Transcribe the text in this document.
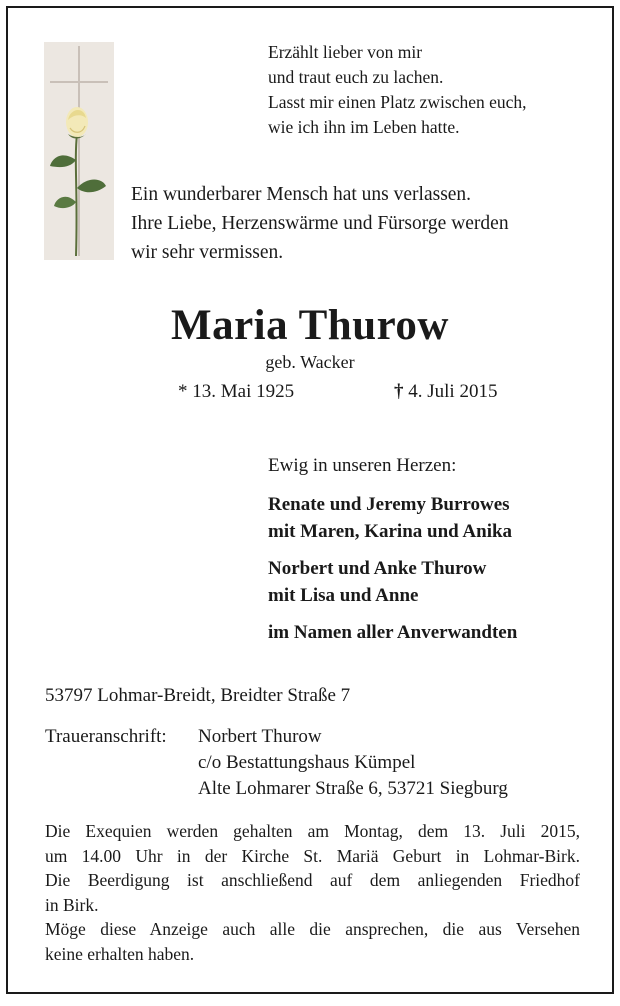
Erzählt lieber von mir
und traut euch zu lachen.
Lasst mir einen Platz zwischen euch,
wie ich ihn im Leben hatte.
Ein wunderbarer Mensch hat uns verlassen.
Ihre Liebe, Herzenswärme und Fürsorge werden
wir sehr vermissen.
Maria Thurow
geb. Wacker
* 13. Mai 1925	† 4. Juli 2015
Ewig in unseren Herzen:
Renate und Jeremy Burrowes
mit Maren, Karina und Anika
Norbert und Anke Thurow
mit Lisa und Anne
im Namen aller Anverwandten
53797 Lohmar-Breidt, Breidter Straße 7
Traueranschrift: Norbert Thurow
c/o Bestattungshaus Kümpel
Alte Lohmarer Straße 6, 53721 Siegburg
Die Exequien werden gehalten am Montag, dem 13. Juli 2015,
um 14.00 Uhr in der Kirche St. Mariä Geburt in Lohmar-Birk.
Die Beerdigung ist anschließend auf dem anliegenden Friedhof
in Birk.
Möge diese Anzeige auch alle die ansprechen, die aus Versehen
keine erhalten haben.
